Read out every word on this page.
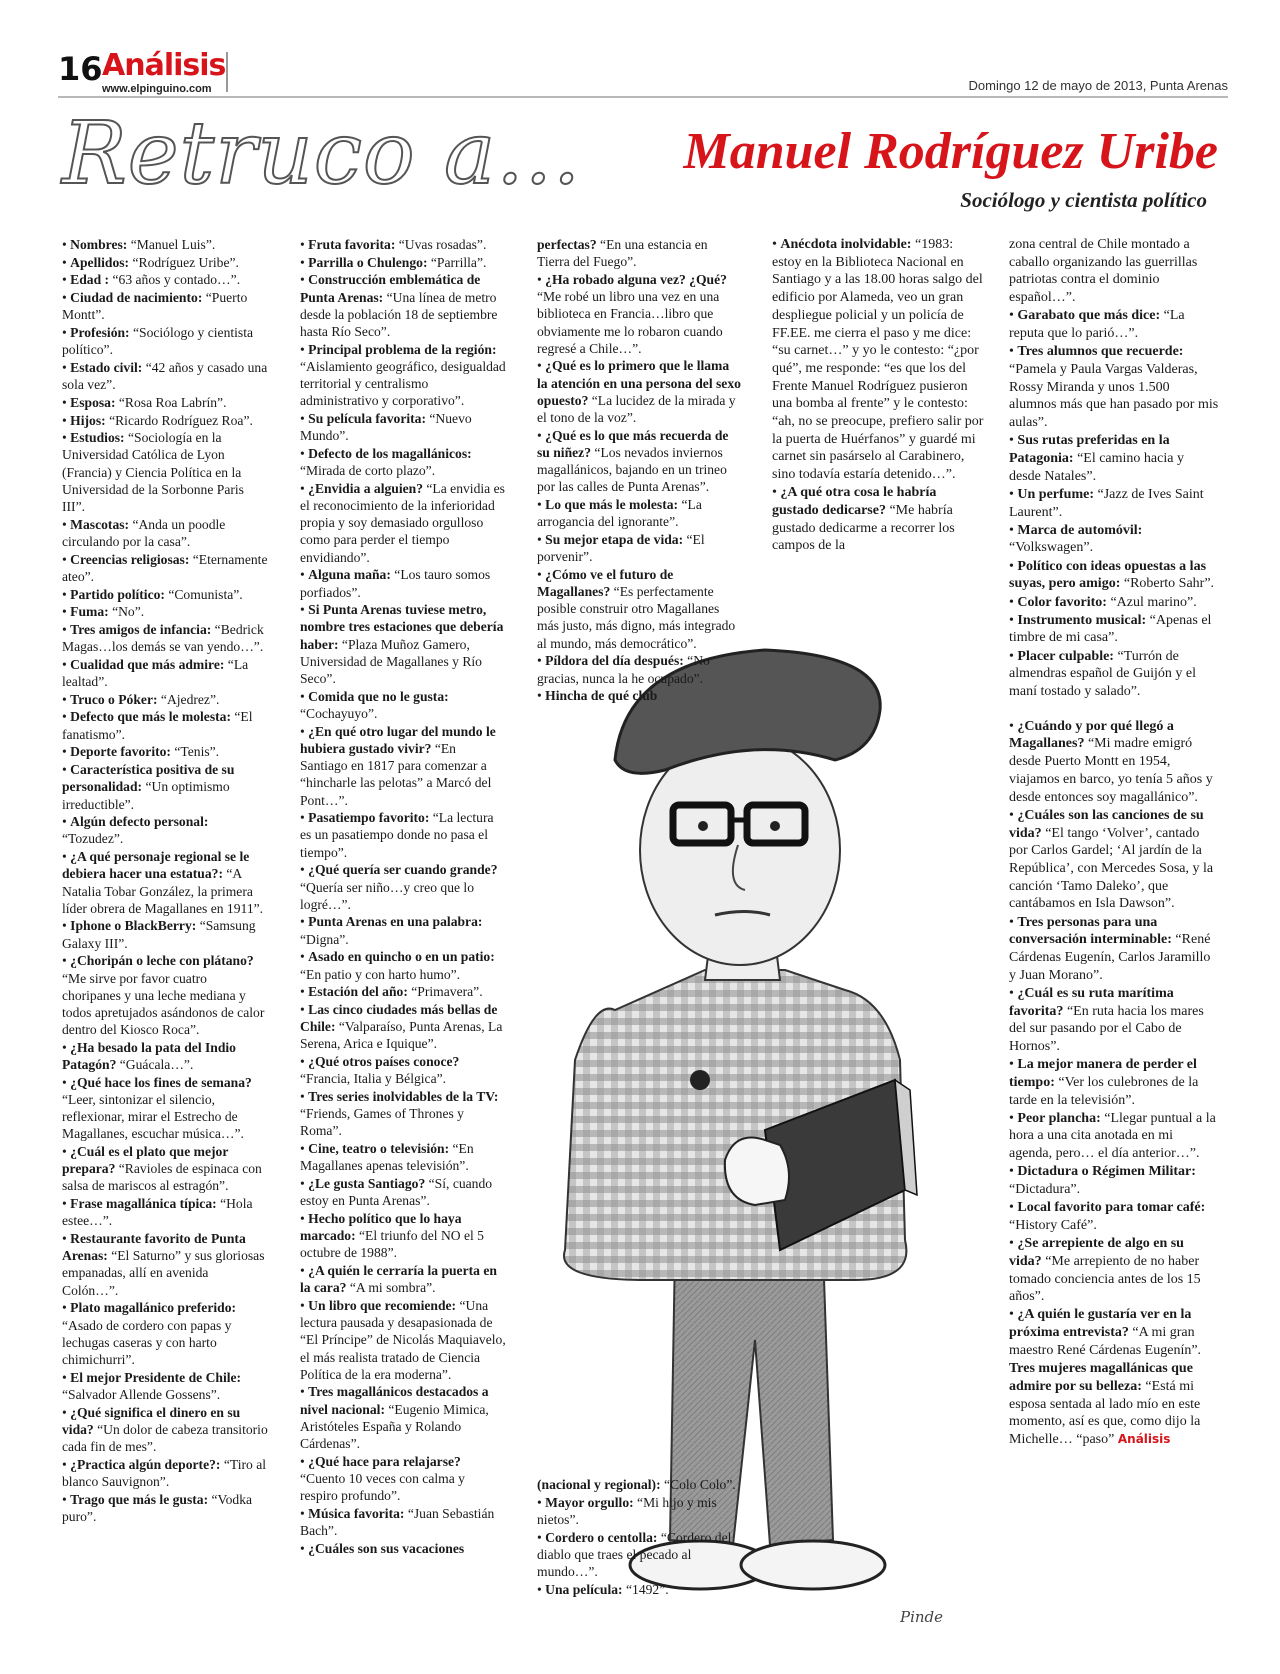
16 Análisis
www.elpinguino.com	Domingo 12 de mayo de 2013, Punta Arenas
Retruco a... Manuel Rodríguez Uribe
Sociólogo y cientista político
Pinde

• Nombres: “Manuel Luis”.

• Apellidos: “Rodríguez Uribe”.

• Edad : “63 años y contado…”.

• Ciudad de nacimiento: “Puerto Montt”.

• Profesión: “Sociólogo y cientista político”.

• Estado civil: “42 años y casado una sola vez”.

• Esposa: “Rosa Roa Labrín”.

• Hijos: “Ricardo Rodríguez Roa”.

• Estudios: “Sociología en la Universidad Católica de Lyon (Francia) y Ciencia Política en la Universidad de la Sorbonne Paris III”.

• Mascotas: “Anda un poodle circulando por la casa”.

• Creencias religiosas: “Eternamente ateo”.

• Partido político: “Comunista”.

• Fuma: “No”.

• Tres amigos de infancia: “Bedrick Magas…los demás se van yendo…”.

• Cualidad que más admire: “La lealtad”.

• Truco o Póker: “Ajedrez”.

• Defecto que más le molesta: “El fanatismo”.

• Deporte favorito: “Tenis”.

• Característica positiva de su personalidad: “Un optimismo irreductible”.

• Algún defecto personal: “Tozudez”.

• ¿A qué personaje regional se le debiera hacer una estatua?: “A Natalia Tobar González, la primera líder obrera de Magallanes en 1911”.

• Iphone o BlackBerry: “Samsung Galaxy III”.

• ¿Choripán o leche con plátano? “Me sirve por favor cuatro choripanes y una leche mediana y todos apretujados asándonos de calor dentro del Kiosco Roca”.

• ¿Ha besado la pata del Indio Patagón? “Guácala…”.

• ¿Qué hace los fines de semana? “Leer, sintonizar el silencio, reflexionar, mirar el Estrecho de Magallanes, escuchar música…”.

• ¿Cuál es el plato que mejor prepara? “Ravioles de espinaca con salsa de mariscos al estragón”.

• Frase magallánica típica: “Hola estee…”.

• Restaurante favorito de Punta Arenas: “El Saturno” y sus gloriosas empanadas, allí en avenida Colón…”.

• Plato magallánico preferido: “Asado de cordero con papas y lechugas caseras y con harto chimichurri”.

• El mejor Presidente de Chile: “Salvador Allende Gossens”.

• ¿Qué significa el dinero en su vida? “Un dolor de cabeza transitorio cada fin de mes”.

• ¿Practica algún deporte?: “Tiro al blanco Sauvignon”.

• Trago que más le gusta: “Vodka puro”.

• Fruta favorita: “Uvas rosadas”.

• Parrilla o Chulengo: “Parrilla”.

• Construcción emblemática de Punta Arenas: “Una línea de metro desde la población 18 de septiembre hasta Río Seco”.

• Principal problema de la región: “Aislamiento geográfico, desigualdad territorial y centralismo administrativo y corporativo”.

• Su película favorita: “Nuevo Mundo”.

• Defecto de los magallánicos: “Mirada de corto plazo”.

• ¿Envidia a alguien? “La envidia es el reconocimiento de la inferioridad propia y soy demasiado orgulloso como para perder el tiempo envidiando”.

• Alguna maña: “Los tauro somos porfiados”.

• Si Punta Arenas tuviese metro, nombre tres estaciones que debería haber: “Plaza Muñoz Gamero, Universidad de Magallanes y Río Seco”.

• Comida que no le gusta: “Cochayuyo”.

• ¿En qué otro lugar del mundo le hubiera gustado vivir? “En Santiago en 1817 para comenzar a “hincharle las pelotas” a Marcó del Pont…”.

• Pasatiempo favorito: “La lectura es un pasatiempo donde no pasa el tiempo”.

• ¿Qué quería ser cuando grande? “Quería ser niño…y creo que lo logré…”.

• Punta Arenas en una palabra: “Digna”.

• Asado en quincho o en un patio: “En patio y con harto humo”.

• Estación del año: “Primavera”.

• Las cinco ciudades más bellas de Chile: “Valparaíso, Punta Arenas, La Serena, Arica e Iquique”.

• ¿Qué otros países conoce? “Francia, Italia y Bélgica”.

• Tres series inolvidables de la TV: “Friends, Games of Thrones y Roma”.

• Cine, teatro o televisión: “En Magallanes apenas televisión”.

• ¿Le gusta Santiago? “Sí, cuando estoy en Punta Arenas”.

• Hecho político que lo haya marcado: “El triunfo del NO el 5 octubre de 1988”.

• ¿A quién le cerraría la puerta en la cara? “A mi sombra”.

• Un libro que recomiende: “Una lectura pausada y desapasionada de “El Príncipe” de Nicolás Maquiavelo, el más realista tratado de Ciencia Política de la era moderna”.

• Tres magallánicos destacados a nivel nacional: “Eugenio Mimica, Aristóteles España y Rolando Cárdenas”.

• ¿Qué hace para relajarse? “Cuento 10 veces con calma y respiro profundo”.

• Música favorita: “Juan Sebastián Bach”.

• ¿Cuáles son sus vacaciones

perfectas? “En una estancia en Tierra del Fuego”.

• ¿Ha robado alguna vez? ¿Qué? “Me robé un libro una vez en una biblioteca en Francia…libro que obviamente me lo robaron cuando regresé a Chile…”.

• ¿Qué es lo primero que le llama la atención en una persona del sexo opuesto? “La lucidez de la mirada y el tono de la voz”.

• ¿Qué es lo que más recuerda de su niñez? “Los nevados inviernos magallánicos, bajando en un trineo por las calles de Punta Arenas”.

• Lo que más le molesta: “La arrogancia del ignorante”.

• Su mejor etapa de vida: “El porvenir”.

• ¿Cómo ve el futuro de Magallanes? “Es perfectamente posible construir otro Magallanes más justo, más digno, más integrado al mundo, más democrático”.

• Píldora del día después: “No gracias, nunca la he ocupado”.

• Hincha de qué club

(nacional y regional): “Colo Colo”.

• Mayor orgullo: “Mi hijo y mis nietos”.

• Cordero o centolla: “Cordero del diablo que traes el pecado al mundo…”.

• Una película: “1492”.

• Anécdota inolvidable: “1983: estoy en la Biblioteca Nacional en Santiago y a las 18.00 horas salgo del edificio por Alameda, veo un gran despliegue policial y un policía de FF.EE. me cierra el paso y me dice: “su carnet…” y yo le contesto: “¿por qué”, me responde: “es que los del Frente Manuel Rodríguez pusieron una bomba al frente” y le contesto: “ah, no se preocupe, prefiero salir por la puerta de Huérfanos” y guardé mi carnet sin pasárselo al Carabinero, sino todavía estaría detenido…”.

• ¿A qué otra cosa le habría gustado dedicarse? “Me habría gustado dedicarme a recorrer los campos de la

zona central de Chile montado a caballo organizando las guerrillas patriotas contra el dominio español…”.

• Garabato que más dice: “La reputa que lo parió…”.

• Tres alumnos que recuerde: “Pamela y Paula Vargas Valderas, Rossy Miranda y unos 1.500 alumnos más que han pasado por mis aulas”.

• Sus rutas preferidas en la Patagonia: “El camino hacia y desde Natales”.

• Un perfume: “Jazz de Ives Saint Laurent”.

• Marca de automóvil: “Volkswagen”.

• Político con ideas opuestas a las suyas, pero amigo: “Roberto Sahr”.

• Color favorito: “Azul marino”.

• Instrumento musical: “Apenas el timbre de mi casa”.

• Placer culpable: “Turrón de almendras español de Guijón y el maní tostado y salado”.

• ¿Cuándo y por qué llegó a Magallanes? “Mi madre emigró desde Puerto Montt en 1954, viajamos en barco, yo tenía 5 años y desde entonces soy magallánico”.

• ¿Cuáles son las canciones de su vida? “El tango ‘Volver’, cantado por Carlos Gardel; ‘Al jardín de la República’, con Mercedes Sosa, y la canción ‘Tamo Daleko’, que cantábamos en Isla Dawson”.

• Tres personas para una conversación interminable: “René Cárdenas Eugenín, Carlos Jaramillo y Juan Morano”.

• ¿Cuál es su ruta marítima favorita? “En ruta hacia los mares del sur pasando por el Cabo de Hornos”.

• La mejor manera de perder el tiempo: “Ver los culebrones de la tarde en la televisión”.

• Peor plancha: “Llegar puntual a la hora a una cita anotada en mi agenda, pero… el día anterior…”.

• Dictadura o Régimen Militar: “Dictadura”.

• Local favorito para tomar café: “History Café”.

• ¿Se arrepiente de algo en su vida? “Me arrepiento de no haber tomado conciencia antes de los 15 años”.

• ¿A quién le gustaría ver en la próxima entrevista? “A mi gran maestro René Cárdenas Eugenín”.

Tres mujeres magallánicas que admire por su belleza: “Está mi esposa sentada al lado mío en este momento, así es que, como dijo la Michelle… “paso” Análisis
